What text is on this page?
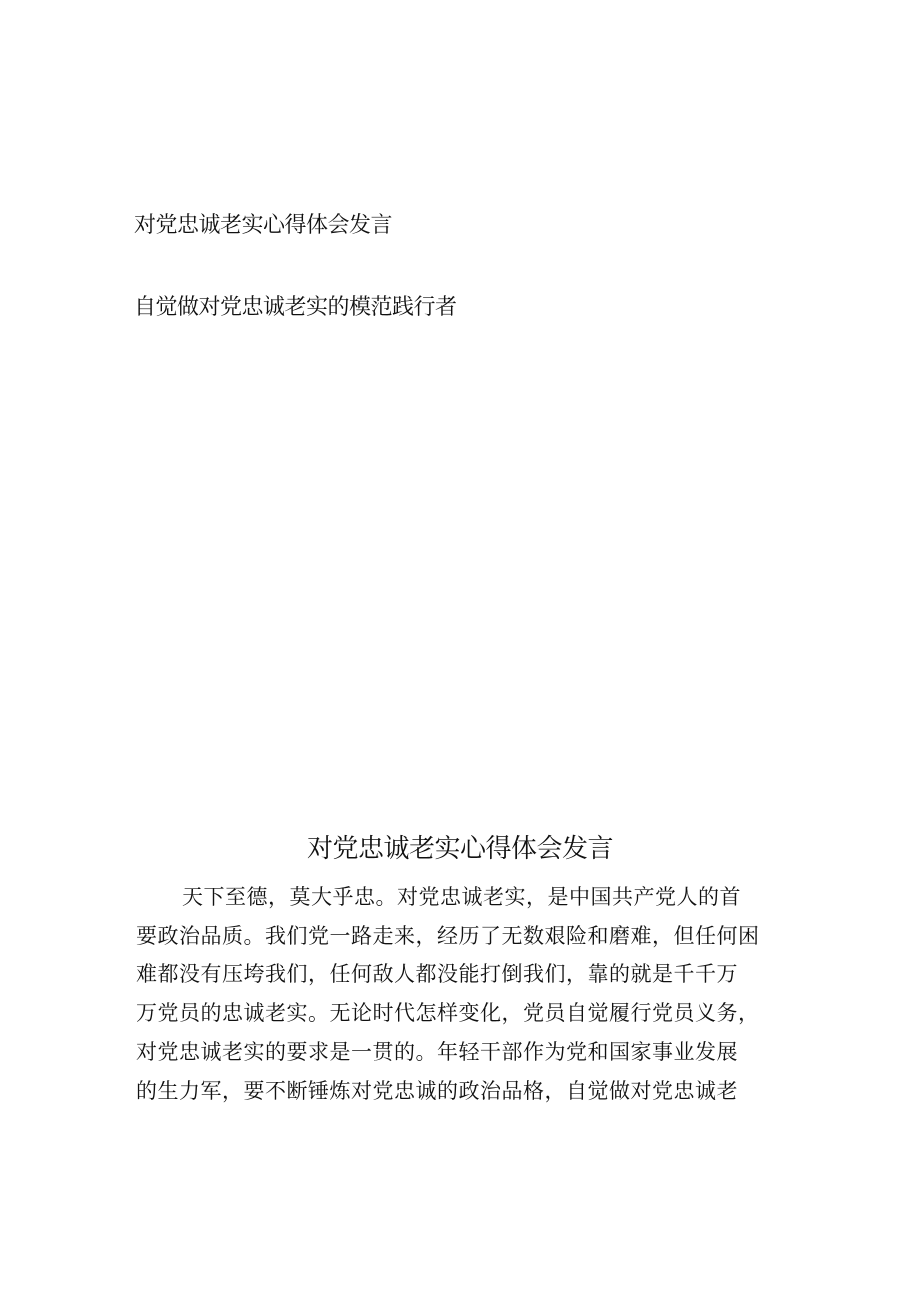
对党忠诚老实心得体会发言
自觉做对党忠诚老实的模范践行者
对党忠诚老实心得体会发言
天下至德，莫大乎忠。对党忠诚老实，是中国共产党人的首
要政治品质。我们党一路走来，经历了无数艰险和磨难，但任何困
难都没有压垮我们，任何敌人都没能打倒我们，靠的就是千千万
万党员的忠诚老实。无论时代怎样变化，党员自觉履行党员义务，
对党忠诚老实的要求是一贯的。年轻干部作为党和国家事业发展
的生力军，要不断锤炼对党忠诚的政治品格，自觉做对党忠诚老
